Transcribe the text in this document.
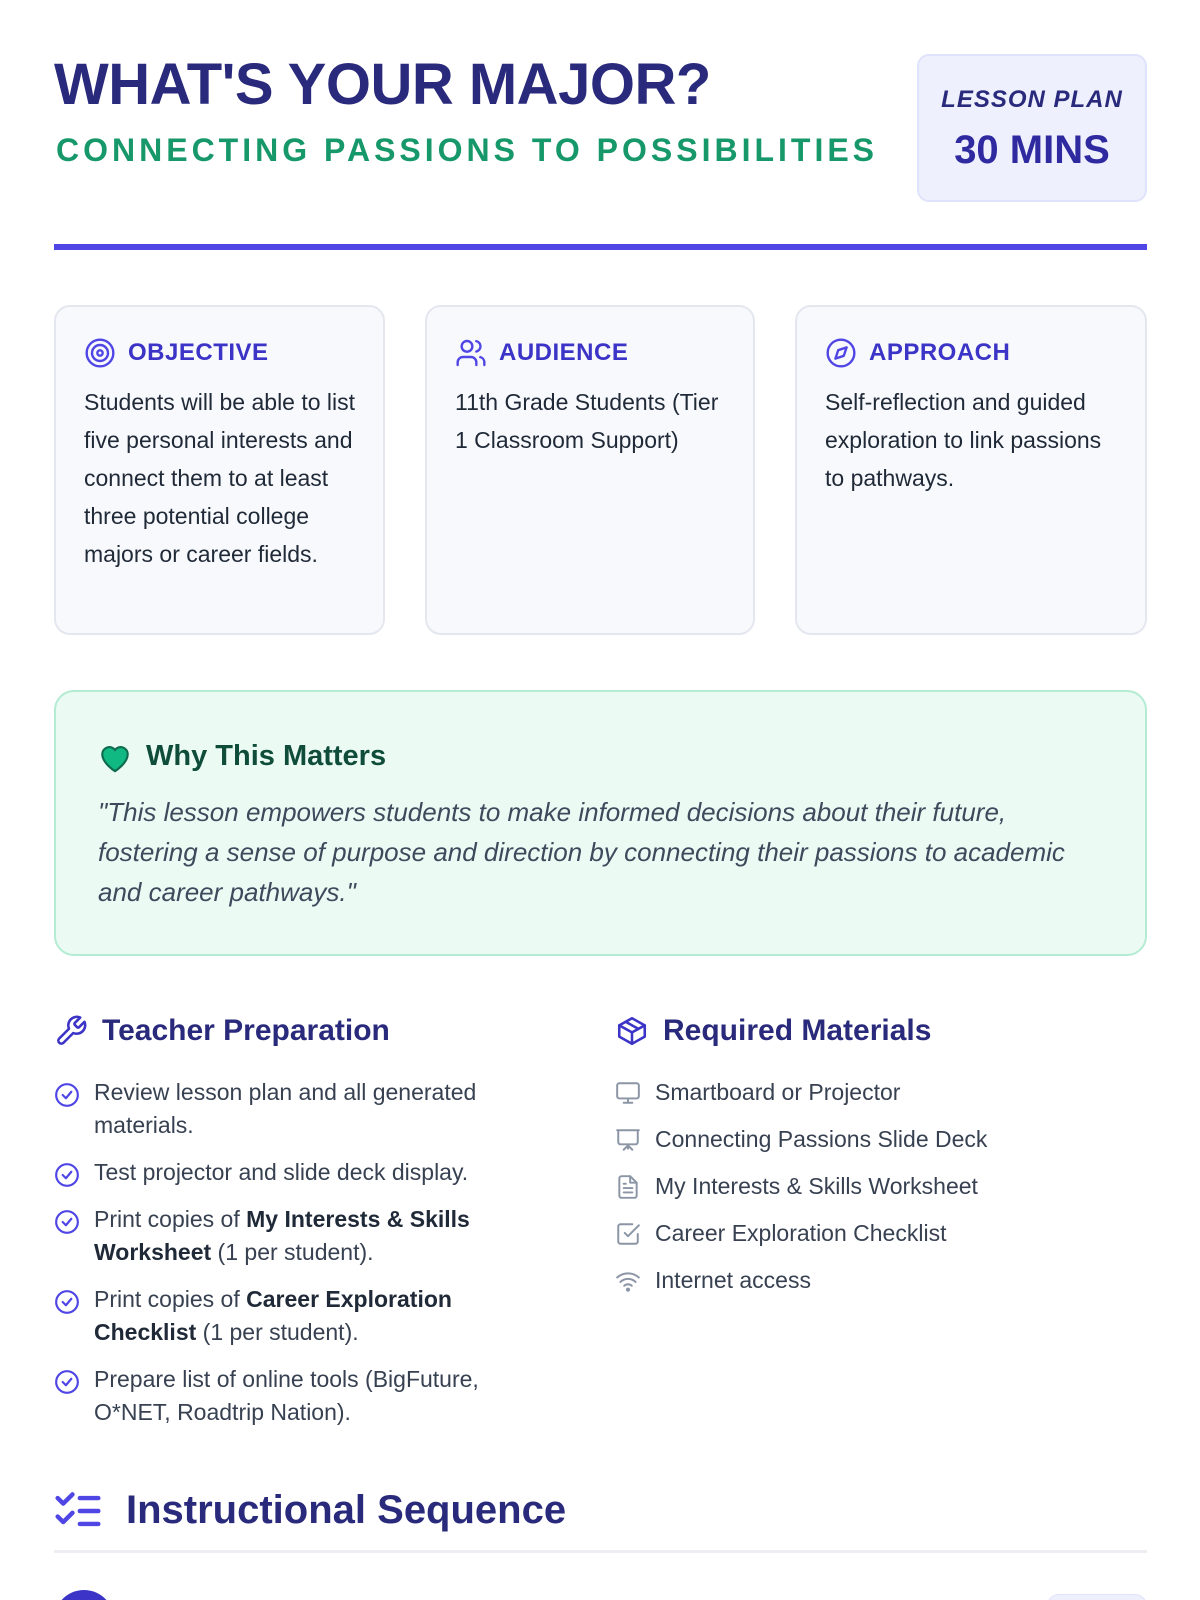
WHAT'S YOUR MAJOR?
CONNECTING PASSIONS TO POSSIBILITIES
LESSON PLAN
30 MINS
OBJECTIVE
Students will be able to list five personal interests and connect them to at least three potential college majors or career fields.
AUDIENCE
11th Grade Students (Tier 1 Classroom Support)
APPROACH
Self-reflection and guided exploration to link passions to pathways.
Why This Matters
"This lesson empowers students to make informed decisions about their future, fostering a sense of purpose and direction by connecting their passions to academic and career pathways."
Teacher Preparation
Review lesson plan and all generated materials.
Test projector and slide deck display.
Print copies of My Interests & Skills Worksheet (1 per student).
Print copies of Career Exploration Checklist (1 per student).
Prepare list of online tools (BigFuture, O*NET, Roadtrip Nation).
Required Materials
Smartboard or Projector
Connecting Passions Slide Deck
My Interests & Skills Worksheet
Career Exploration Checklist
Internet access
Instructional Sequence
